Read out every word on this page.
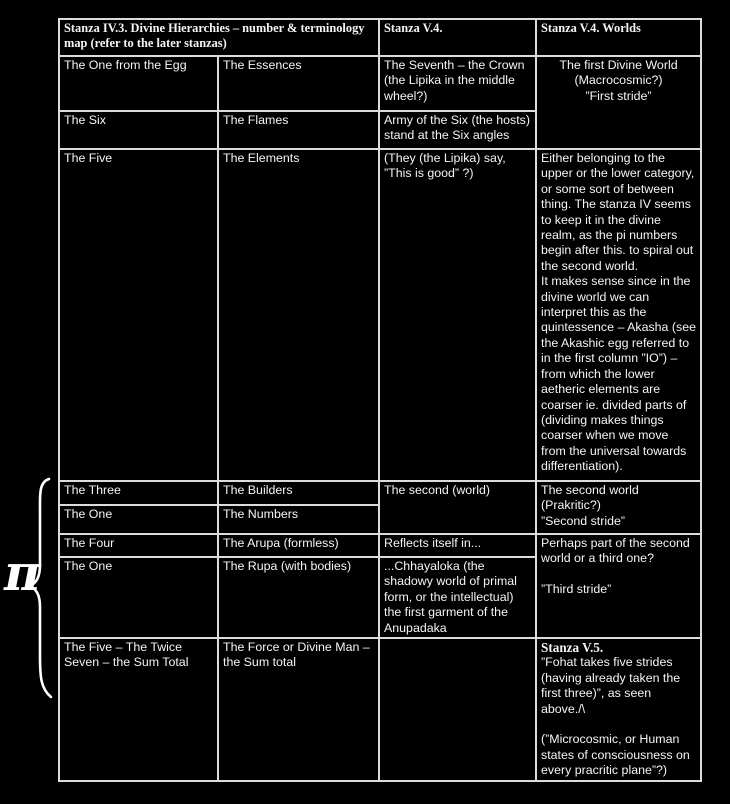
π
Stanza IV.3. Divine Hierarchies – number & terminology map (refer to the later stanzas)		Stanza V.4.	Stanza V.4. Worlds
The One from the Egg	The Essences	The Seventh – the Crown (the Lipika in the middle wheel?)	The first Divine World
(Macrocosmic?)
”First stride”

The Six	The Flames	Army of the Six (the hosts)
stand at the Six angles	

The Five	The Elements	(They (the Lipika) say,
”This is good” ?)

Either belonging to the upper or the lower category, or some sort of between thing. The stanza IV seems to keep it in the divine realm, as the pi numbers begin after this. to spiral out the second world.
It makes sense since in the divine world we can interpret this as the quintessence – Akasha (see the Akashic egg referred to in the first column ”IO”) – from which the lower aetheric elements are coarser ie. divided parts of (dividing makes things coarser when we move from the universal towards differentiation).

The Three	The Builders	The second (world)	The second world
(Prakritic?)
”Second stride”

The One	The Numbers		
The Four	The Arupa (formless)	Reflects itself in...	Perhaps part of the second world or a third one?
”Third stride”

The One	The Rupa (with bodies)	...Chhayaloka (the shadowy world of primal form, or the intellectual) the first garment of the Anupadaka	
The Five – The Twice Seven – the Sum Total	The Force or Divine Man – the Sum total		Stanza V.5.
”Fohat takes five strides (having already taken the first three)”, as seen above./\
(”Microcosmic, or Human states of consciousness on every pracritic plane”?)
